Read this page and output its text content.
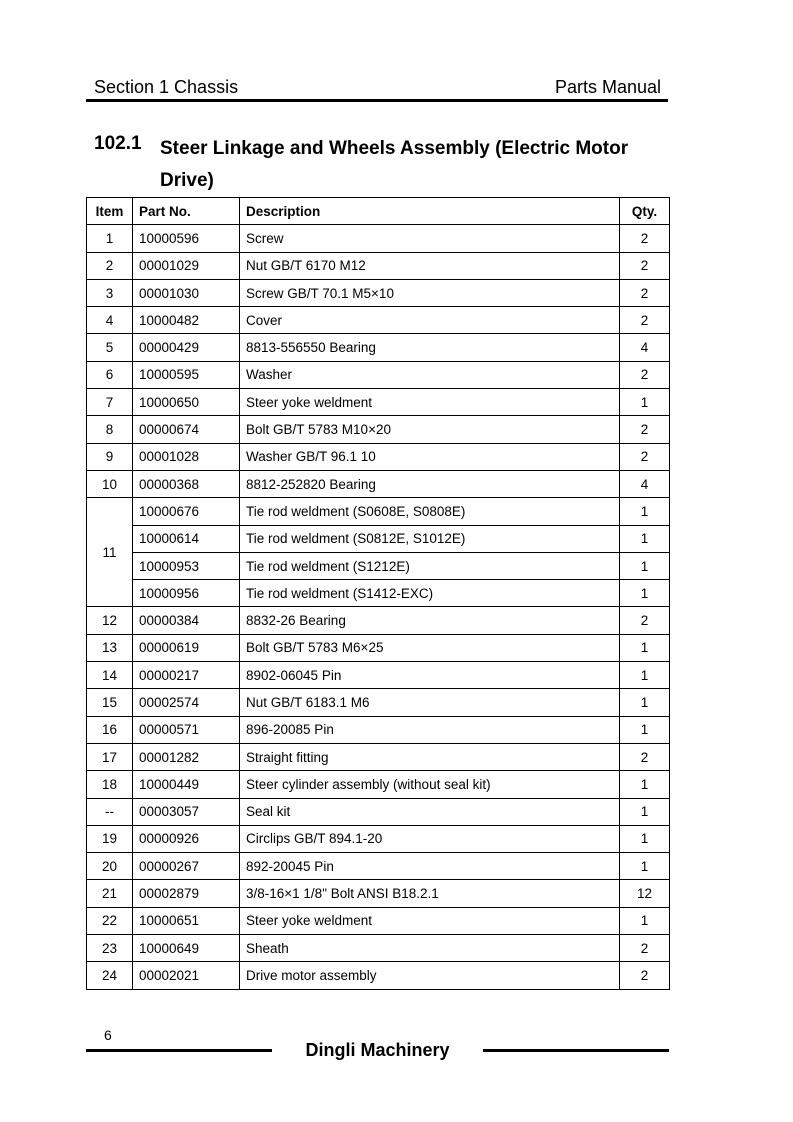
Section 1 Chassis	Parts Manual
102.1 Steer Linkage and Wheels Assembly (Electric Motor Drive)
Item	Part No.	Description	Qty.
1	10000596	Screw	2
2	00001029	Nut GB/T 6170 M12	2
3	00001030	Screw GB/T 70.1 M5×10	2
4	10000482	Cover	2
5	00000429	8813-556550 Bearing	4
6	10000595	Washer	2
7	10000650	Steer yoke weldment	1
8	00000674	Bolt GB/T 5783 M10×20	2
9	00001028	Washer GB/T 96.1 10	2
10	00000368	8812-252820 Bearing	4
11	10000676	Tie rod weldment (S0608E, S0808E)	1
	10000614	Tie rod weldment (S0812E, S1012E)	1
	10000953	Tie rod weldment (S1212E)	1
	10000956	Tie rod weldment (S1412-EXC)	1
12	00000384	8832-26 Bearing	2
13	00000619	Bolt GB/T 5783 M6×25	1
14	00000217	8902-06045 Pin	1
15	00002574	Nut GB/T 6183.1 M6	1
16	00000571	896-20085 Pin	1
17	00001282	Straight fitting	2
18	10000449	Steer cylinder assembly (without seal kit)	1
--	00003057	Seal kit	1
19	00000926	Circlips GB/T 894.1-20	1
20	00000267	892-20045 Pin	1
21	00002879	3/8-16×1 1/8" Bolt ANSI B18.2.1	12
22	10000651	Steer yoke weldment	1
23	10000649	Sheath	2
24	00002021	Drive motor assembly	2
6
Dingli Machinery
